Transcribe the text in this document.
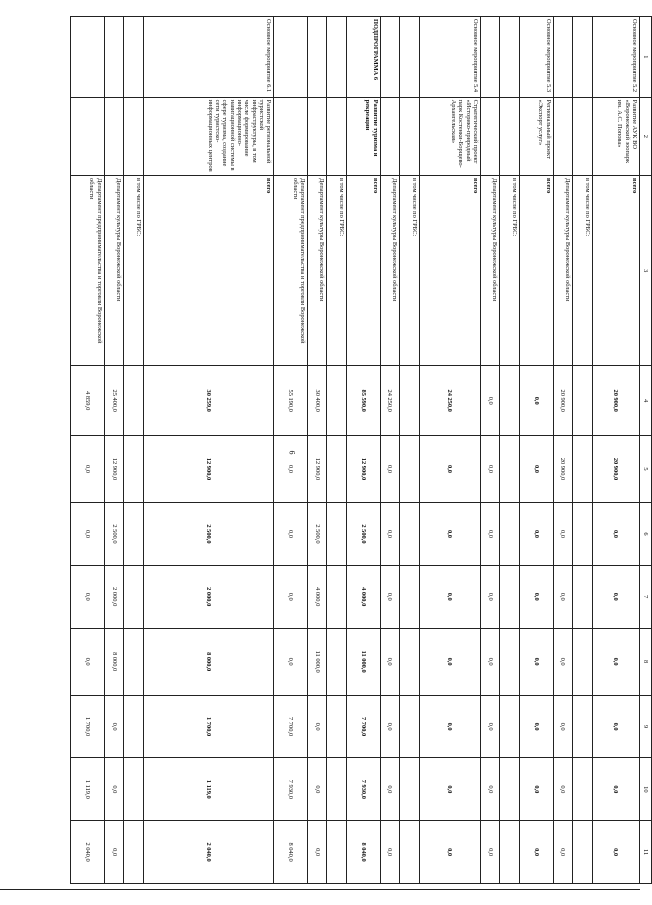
6
1	2	3	4	5	6	7	8	9	10	11
Основное мероприятие 5.2	Развитие АУК ВО «Воронежский зоопарк им. А.С. Попова»	всего	20 900,0	20 900,0	0,0	0,0	0,0	0,0	0,0	0,0
		в том числе по ГРБС:								
		Департамент культуры Воронежской области	20 900,0	20 900,0	0,0	0,0	0,0	0,0	0,0	0,0
Основное мероприятие 5.3	Региональный проект «Экспорт услуг»	всего	0,0	0,0	0,0	0,0	0,0	0,0	0,0	0,0
		в том числе по ГРБС:								
		Департамент культуры Воронежской области	0,0	0,0	0,0	0,0	0,0	0,0	0,0	0,0
Основное мероприятие 5.4	Стратегический проект «Историко-природный парк Костенки-Борщево-Архангельская»	всего	24 250,0	0,0	0,0	0,0	0,0	0,0	0,0	0,0
		в том числе по ГРБС:								
		Департамент культуры Воронежской области	24 250,0	0,0	0,0	0,0	0,0	0,0	0,0	0,0
ПОДПРОГРАММА 6	Развитие туризма и рекреации	всего	85 590,0	12 900,0	2 500,0	4 000,0	11 000,0	7 700,0	7 930,0	8 040,0
		в том числе по ГРБС:								
		Департамент культуры Воронежской области	30 400,0	12 900,0	2 500,0	4 000,0	11 000,0	0,0	0,0	0,0
		Департамент предпринимательства и торговли Воронежской области	55 190,0	0,0	0,0	0,0	0,0	7 700,0	7 930,0	8 040,0
Основное мероприятие 6.1	Развитие региональной туристской инфраструктуры, в том числе формирование информационно-навигационной системы в сфере туризма, создание сети туристско-информационных центров	всего	30 259,0	12 900,0	2 500,0	2 000,0	8 000,0	1 700,0	1 119,0	2 040,0
		в том числе по ГРБС:								
		Департамент культуры Воронежской области	25 400,0	12 900,0	2 500,0	2 000,0	8 000,0	0,0	0,0	0,0
		Департамент предпринимательства и торговли Воронежской области	4 859,0	0,0	0,0	0,0	0,0	1 700,0	1 119,0	2 040,0
